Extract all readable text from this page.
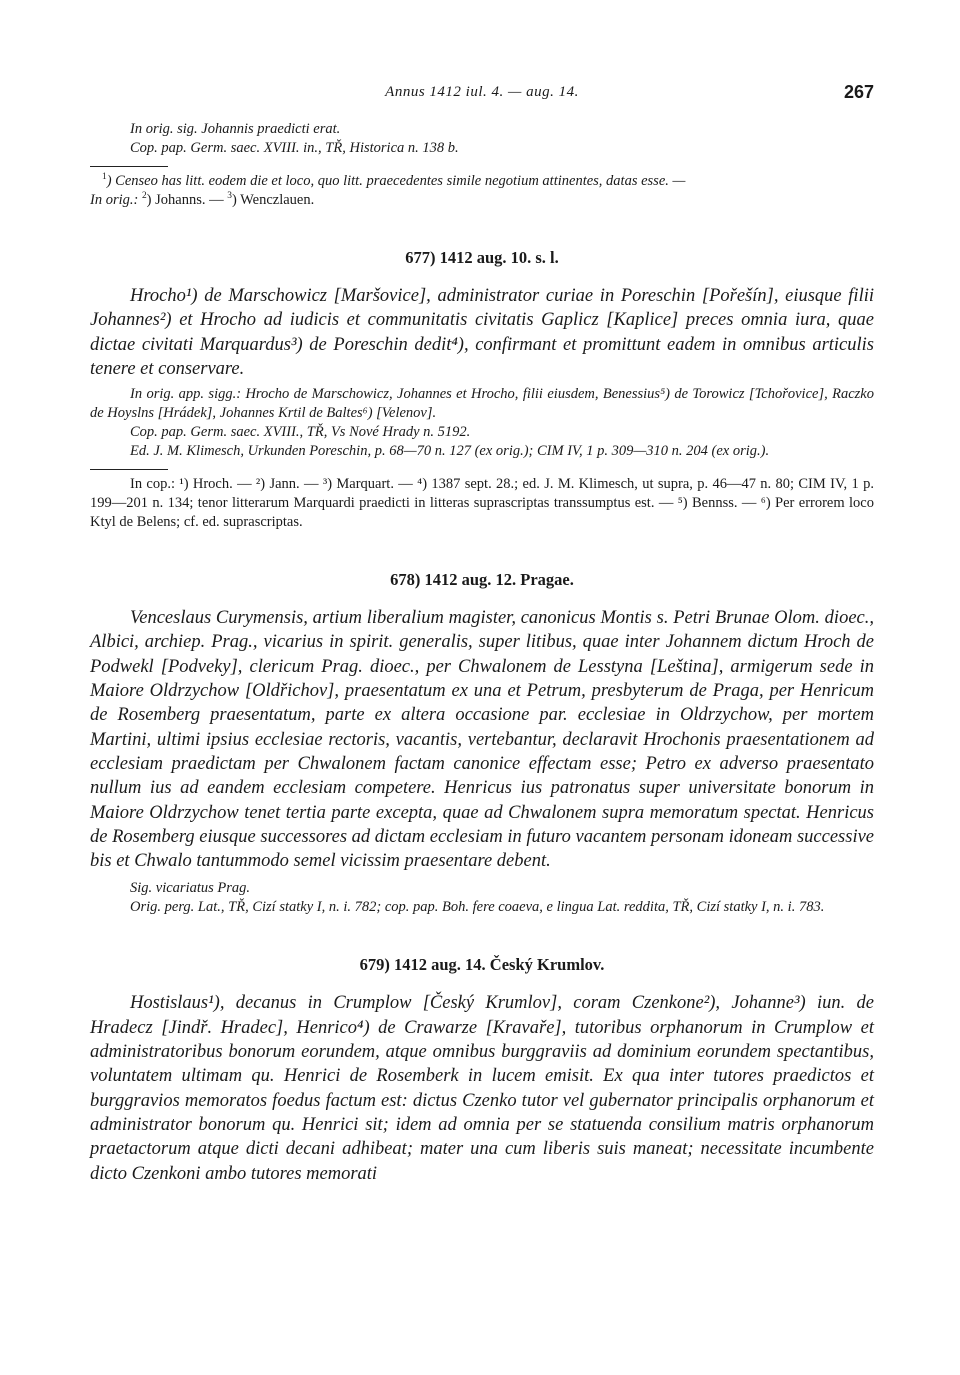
Annus 1412 iul. 4. — aug. 14.	267

In orig. sig. Johannis praedicti erat.

Cop. pap. Germ. saec. XVIII. in., TŘ, Historica n. 138 b.

$^1$) Censeo has litt. eodem die et loco, quo litt. praecedentes simile negotium attinentes, datas esse. —
In orig.: $^2$) Johanns. — $^3$) Wenczlauen.

677) 1412 aug. 10. s. l.

Hrocho¹) de Marschowicz [Maršovice], administrator curiae in Poreschin [Pořešín], eiusque filii Johannes²) et Hrocho ad iudicis et communitatis civitatis Gaplicz [Kaplice] preces omnia iura, quae dictae civitati Marquardus³) de Poreschin dedit⁴), confirmant et promittunt eadem in omnibus articulis tenere et conservare.

In orig. app. sigg.: Hrocho de Marschowicz, Johannes et Hrocho, filii eiusdem, Benessius⁵) de Torowicz [Tchořovice], Raczko de Hoyslns [Hrádek], Johannes Krtil de Baltes⁶) [Velenov].

Cop. pap. Germ. saec. XVIII., TŘ, Vs Nové Hrady n. 5192.

Ed. J. M. Klimesch, Urkunden Poreschin, p. 68—70 n. 127 (ex orig.); CIM IV, 1 p. 309—310 n. 204 (ex orig.).

In cop.: ¹) Hroch. — ²) Jann. — ³) Marquart. — ⁴) 1387 sept. 28.; ed. J. M. Klimesch, ut supra, p. 46—47 n. 80; CIM IV, 1 p. 199—201 n. 134; tenor litterarum Marquardi praedicti in litteras suprascriptas transsumptus est. — ⁵) Bennss. — ⁶) Per errorem loco Ktyl de Belens; cf. ed. suprascriptas.

678) 1412 aug. 12. Pragae.

Venceslaus Curymensis, artium liberalium magister, canonicus Montis s. Petri Brunae Olom. dioec., Albici, archiep. Prag., vicarius in spirit. generalis, super litibus, quae inter Johannem dictum Hroch de Podwekl [Podveky], clericum Prag. dioec., per Chwalonem de Lesstyna [Leština], armigerum sede in Maiore Oldrzychow [Oldřichov], praesentatum ex una et Petrum, presbyterum de Praga, per Henricum de Rosemberg praesentatum, parte ex altera occasione par. ecclesiae in Oldrzychow, per mortem Martini, ultimi ipsius ecclesiae rectoris, vacantis, vertebantur, declaravit Hrochonis praesentationem ad ecclesiam praedictam per Chwalonem factam canonice effectam esse; Petro ex adverso praesentato nullum ius ad eandem ecclesiam competere. Henricus ius patronatus super universitate bonorum in Maiore Oldrzychow tenet tertia parte excepta, quae ad Chwalonem supra memoratum spectat. Henricus de Rosemberg eiusque successores ad dictam ecclesiam in futuro vacantem personam idoneam successive bis et Chwalo tantummodo semel vicissim praesentare debent.

Sig. vicariatus Prag.

Orig. perg. Lat., TŘ, Cizí statky I, n. i. 782; cop. pap. Boh. fere coaeva, e lingua Lat. reddita, TŘ, Cizí statky I, n. i. 783.

679) 1412 aug. 14. Český Krumlov.

Hostislaus¹), decanus in Crumplow [Český Krumlov], coram Czenkone²), Johanne³) iun. de Hradecz [Jindř. Hradec], Henrico⁴) de Crawarze [Kravaře], tutoribus orphanorum in Crumplow et administratoribus bonorum eorundem, atque omnibus burggraviis ad dominium eorundem spectantibus, voluntatem ultimam qu. Henrici de Rosemberk in lucem emisit. Ex qua inter tutores praedictos et burggravios memoratos foedus factum est: dictus Czenko tutor vel gubernator principalis orphanorum et administrator bonorum qu. Henrici sit; idem ad omnia per se statuenda consilium matris orphanorum praetactorum atque dicti decani adhibeat; mater una cum liberis suis maneat; necessitate incumbente dicto Czenkoni ambo tutores memorati
